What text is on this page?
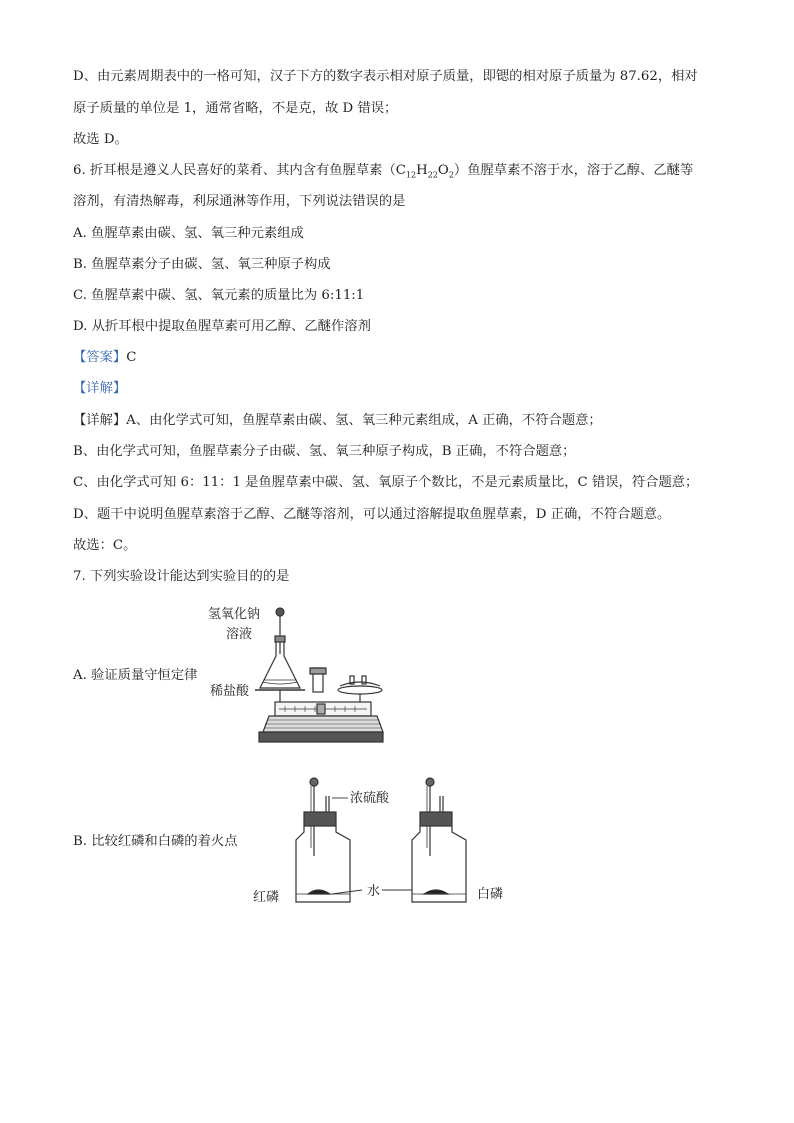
D、由元素周期表中的一格可知，汉子下方的数字表示相对原子质量，即锶的相对原子质量为 87.62，相对
原子质量的单位是 1，通常省略，不是克，故 D 错误；
故选 D。
6. 折耳根是遵义人民喜好的菜肴、其内含有鱼腥草素$(C_{12}H_{22}O_2)$鱼腥草素不溶于水，溶于乙醇、乙醚等
溶剂，有清热解毒，利尿通淋等作用，下列说法错误的是
A. 鱼腥草素由碳、氢、氧三种元素组成
B. 鱼腥草素分子由碳、氢、氧三种原子构成
C. 鱼腥草素中碳、氢、氧元素的质量比为 6:11:1
D. 从折耳根中提取鱼腥草素可用乙醇、乙醚作溶剂
【答案】C
【详解】
【详解】A、由化学式可知，鱼腥草素由碳、氢、氧三种元素组成，A 正确，不符合题意；
B、由化学式可知，鱼腥草素分子由碳、氢、氧三种原子构成，B 正确，不符合题意；
C、由化学式可知 6：11：1 是鱼腥草素中碳、氢、氧原子个数比，不是元素质量比，C 错误，符合题意；
D、题干中说明鱼腥草素溶于乙醇、乙醚等溶剂，可以通过溶解提取鱼腥草素，D 正确，不符合题意。
故选：C。
7. 下列实验设计能达到实验目的的是
A. 验证质量守恒定律
B. 比较红磷和白磷的着火点
氢氧化钠
溶液
稀盐酸
浓硫酸
水
红磷	白磷
